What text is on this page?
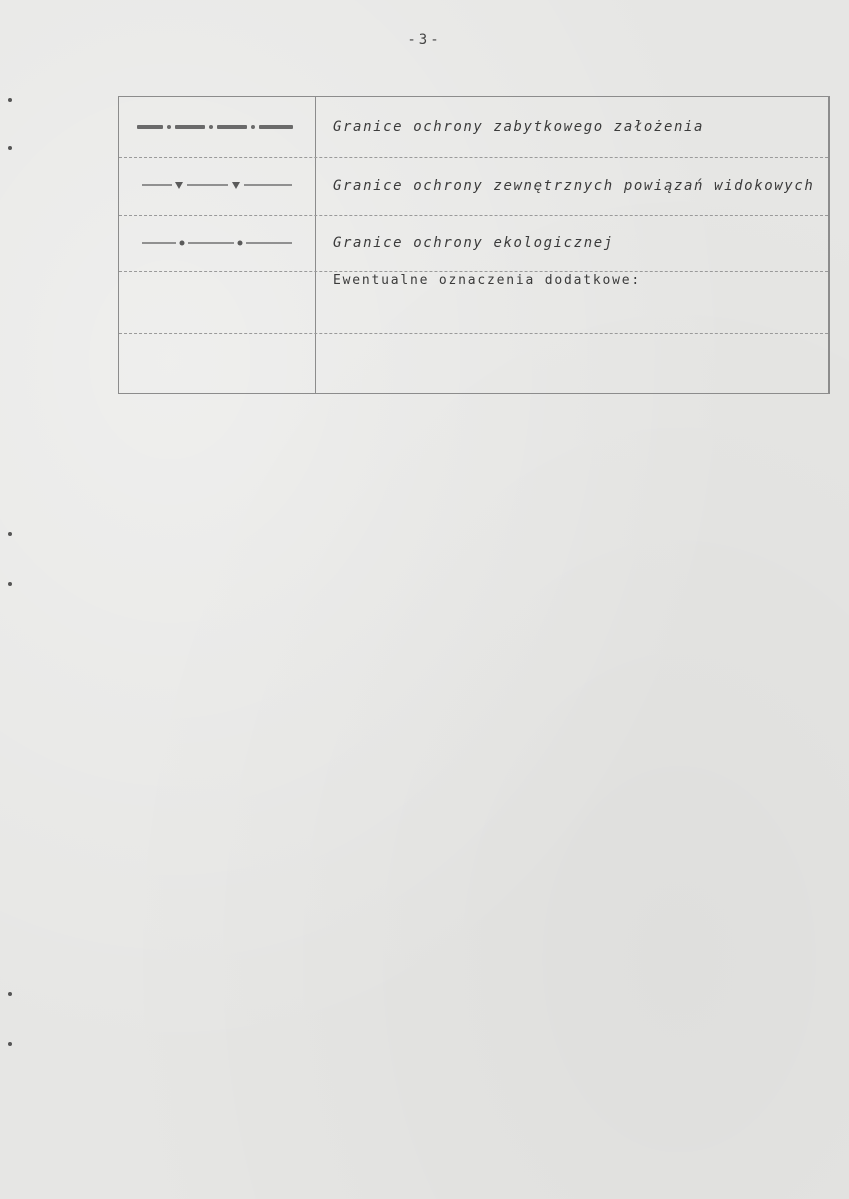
-3-
Granice ochrony zabytkowego założenia
Granice ochrony zewnętrznych powiązań widokowych
Granice ochrony ekologicznej
Ewentualne oznaczenia dodatkowe:
